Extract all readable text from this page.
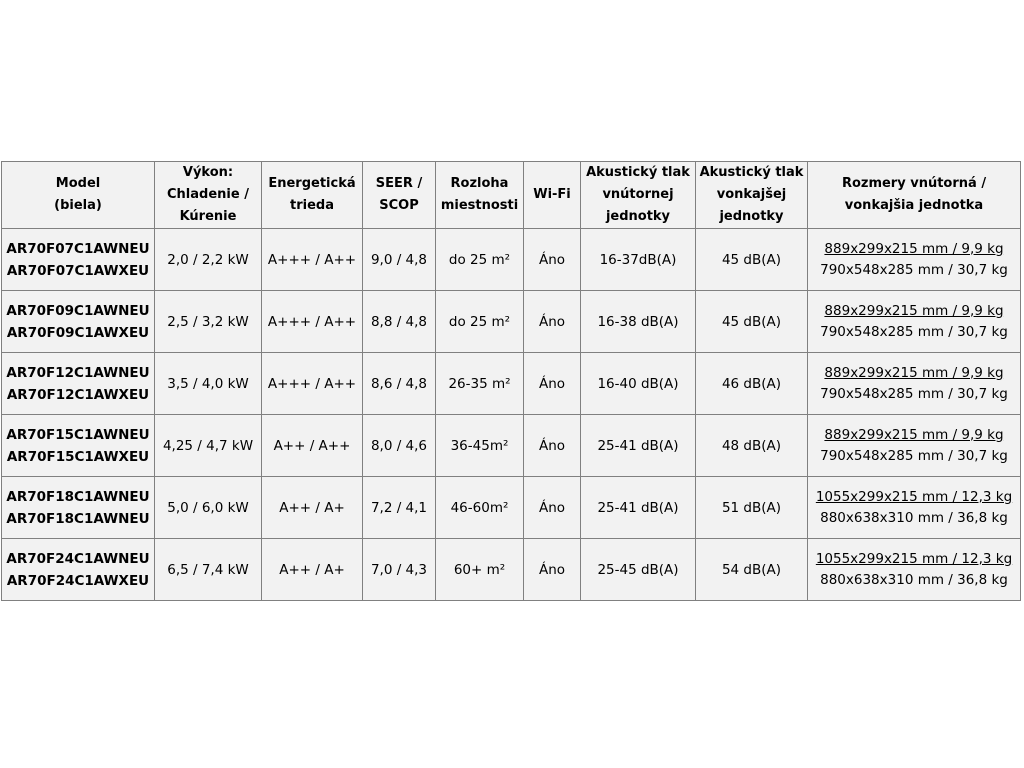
Model
(biela)	Výkon:
Chladenie /
Kúrenie	Energetická
trieda	SEER /
SCOP	Rozloha
miestnosti	Wi-Fi	Akustický tlak
vnútornej
jednotky	Akustický tlak
vonkajšej
jednotky	Rozmery vnútorná /
vonkajšia jednotka

AR70F07C1AWNEU
AR70F07C1AWXEU	2,0 / 2,2 kW	A+++ / A++	9,0 / 4,8	do 25 m²	Áno	16-37dB(A)	45 dB(A)	889x299x215 mm / 9,9 kg
790x548x285 mm / 30,7 kg

AR70F09C1AWNEU
AR70F09C1AWXEU	2,5 / 3,2 kW	A+++ / A++	8,8 / 4,8	do 25 m²	Áno	16-38 dB(A)	45 dB(A)	889x299x215 mm / 9,9 kg
790x548x285 mm / 30,7 kg

AR70F12C1AWNEU
AR70F12C1AWXEU	3,5 / 4,0 kW	A+++ / A++	8,6 / 4,8	26-35 m²	Áno	16-40 dB(A)	46 dB(A)	889x299x215 mm / 9,9 kg
790x548x285 mm / 30,7 kg

AR70F15C1AWNEU
AR70F15C1AWXEU	4,25 / 4,7 kW	A++ / A++	8,0 / 4,6	36-45m²	Áno	25-41 dB(A)	48 dB(A)	889x299x215 mm / 9,9 kg
790x548x285 mm / 30,7 kg

AR70F18C1AWNEU
AR70F18C1AWNEU	5,0 / 6,0 kW	A++ / A+	7,2 / 4,1	46-60m²	Áno	25-41 dB(A)	51 dB(A)	1055x299x215 mm / 12,3 kg
880x638x310 mm / 36,8 kg

AR70F24C1AWNEU
AR70F24C1AWXEU	6,5 / 7,4 kW	A++ / A+	7,0 / 4,3	60+ m²	Áno	25-45 dB(A)	54 dB(A)	1055x299x215 mm / 12,3 kg
880x638x310 mm / 36,8 kg
